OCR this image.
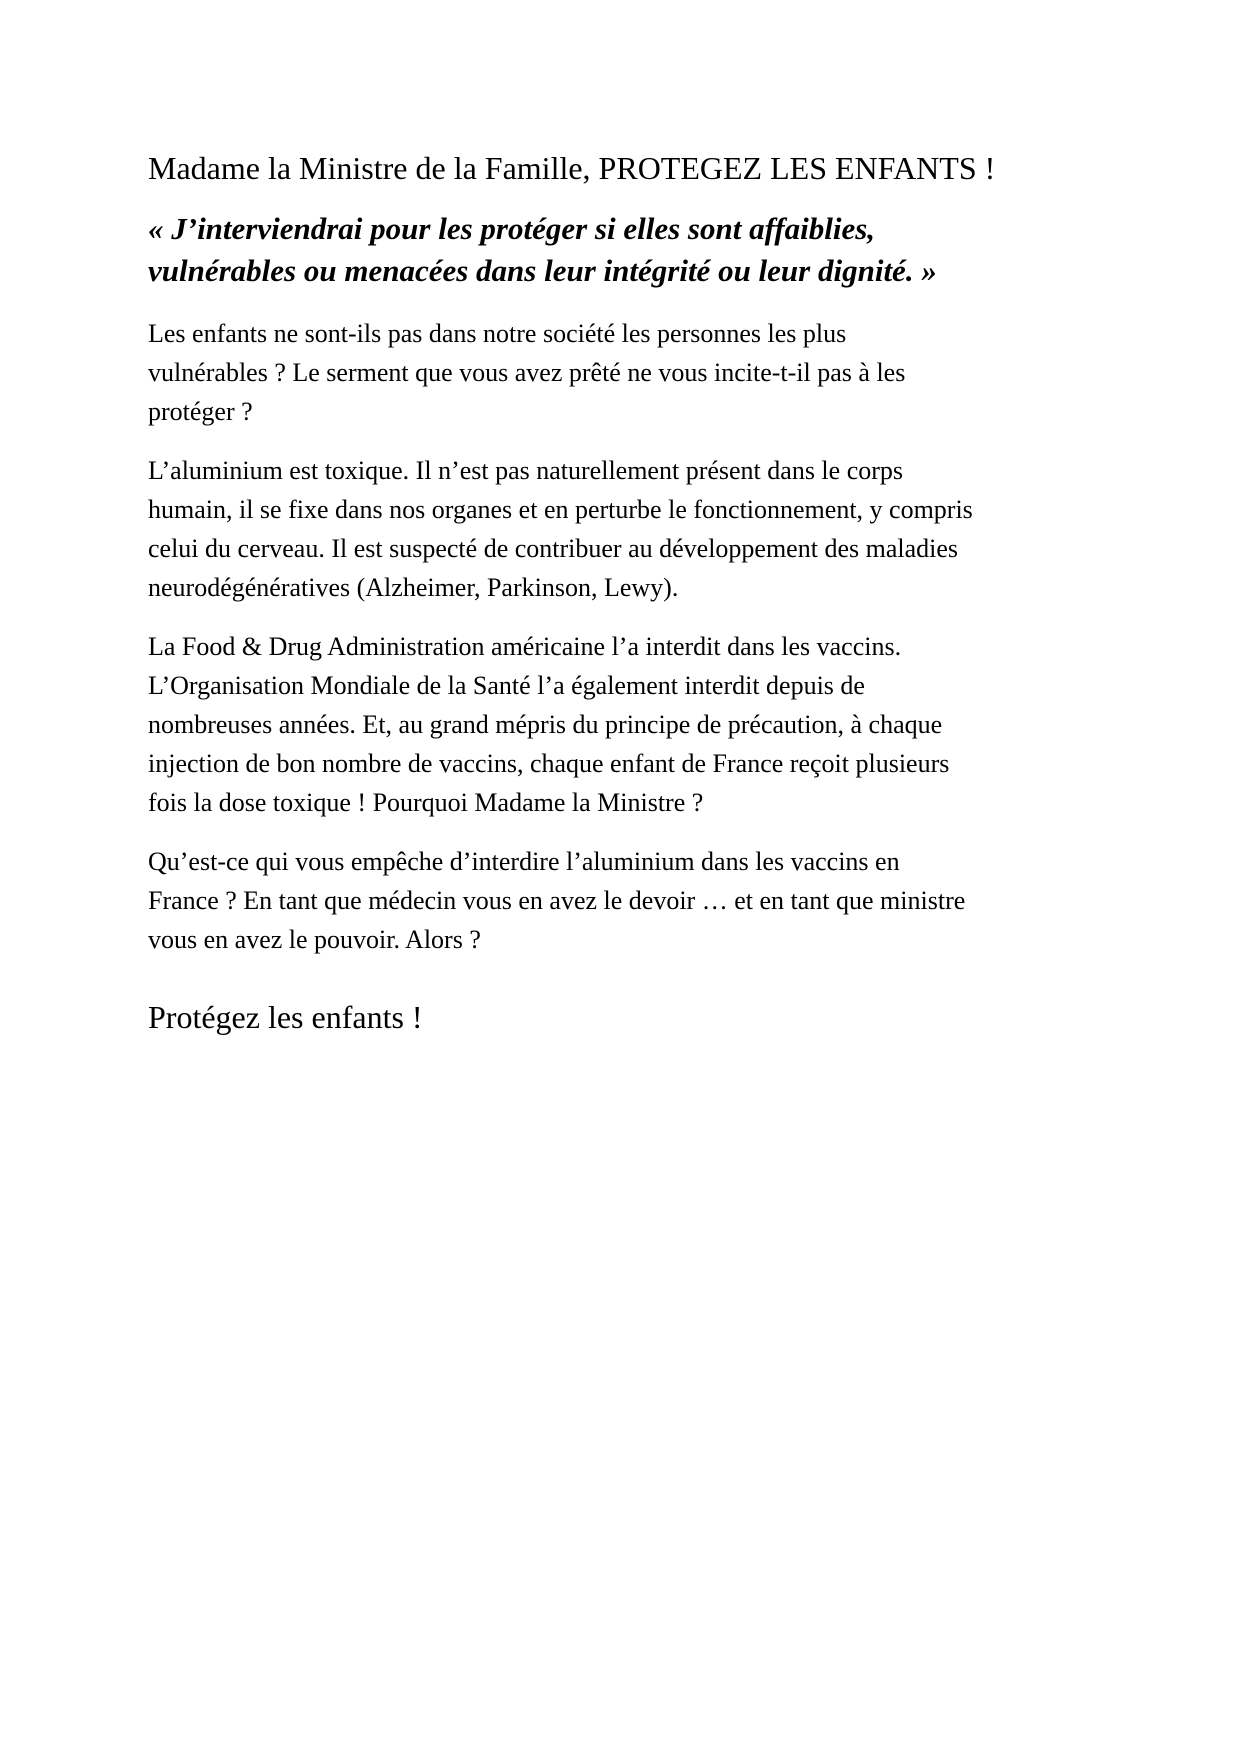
Madame la Ministre de la Famille, PROTEGEZ LES ENFANTS !
« J’interviendrai pour les protéger si elles sont affaiblies,
vulnérables ou menacées dans leur intégrité ou leur dignité. »
Les enfants ne sont-ils pas dans notre société les personnes les plus
vulnérables ? Le serment que vous avez prêté ne vous incite-t-il pas à les
protéger ?
L’aluminium est toxique. Il n’est pas naturellement présent dans le corps
humain, il se fixe dans nos organes et en perturbe le fonctionnement, y compris
celui du cerveau. Il est suspecté de contribuer au développement des maladies
neurodégénératives (Alzheimer, Parkinson, Lewy).
La Food & Drug Administration américaine l’a interdit dans les vaccins.
L’Organisation Mondiale de la Santé l’a également interdit depuis de
nombreuses années. Et, au grand mépris du principe de précaution, à chaque
injection de bon nombre de vaccins, chaque enfant de France reçoit plusieurs
fois la dose toxique ! Pourquoi Madame la Ministre ?
Qu’est-ce qui vous empêche d’interdire l’aluminium dans les vaccins en
France ? En tant que médecin vous en avez le devoir … et en tant que ministre
vous en avez le pouvoir. Alors ?
Protégez les enfants !
